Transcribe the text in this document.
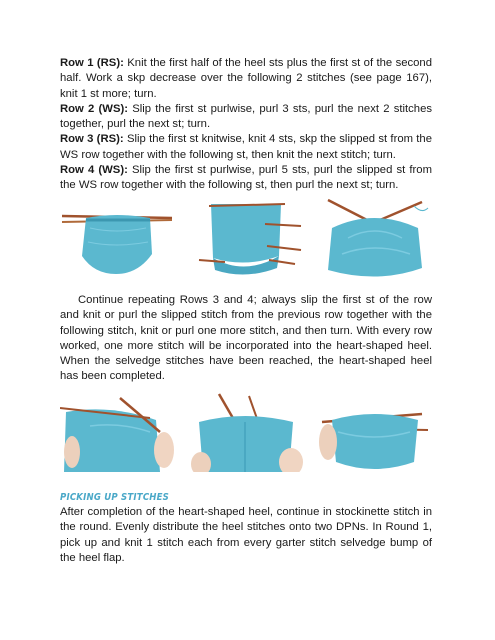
Row 1 (RS): Knit the first half of the heel sts plus the first st of the second half. Work a skp decrease over the following 2 stitches (see page 167), knit 1 st more; turn.

Row 2 (WS): Slip the first st purlwise, purl 3 sts, purl the next 2 stitches together, purl the next st; turn.

Row 3 (RS): Slip the first st knitwise, knit 4 sts, skp the slipped st from the WS row together with the following st, then knit the next stitch; turn.

Row 4 (WS): Slip the first st purlwise, purl 5 sts, purl the slipped st from the WS row together with the following st, then purl the next st; turn.

Continue repeating Rows 3 and 4; always slip the first st of the row and knit or purl the slipped stitch from the previous row together with the following stitch, knit or purl one more stitch, and then turn. With every row worked, one more stitch will be incorporated into the heart-shaped heel. When the selvedge stitches have been reached, the heart-shaped heel has been completed.

PICKING UP STITCHES

After completion of the heart-shaped heel, continue in stockinette stitch in the round. Evenly distribute the heel stitches onto two DPNs. In Round 1, pick up and knit 1 stitch each from every garter stitch selvedge bump of the heel flap.
